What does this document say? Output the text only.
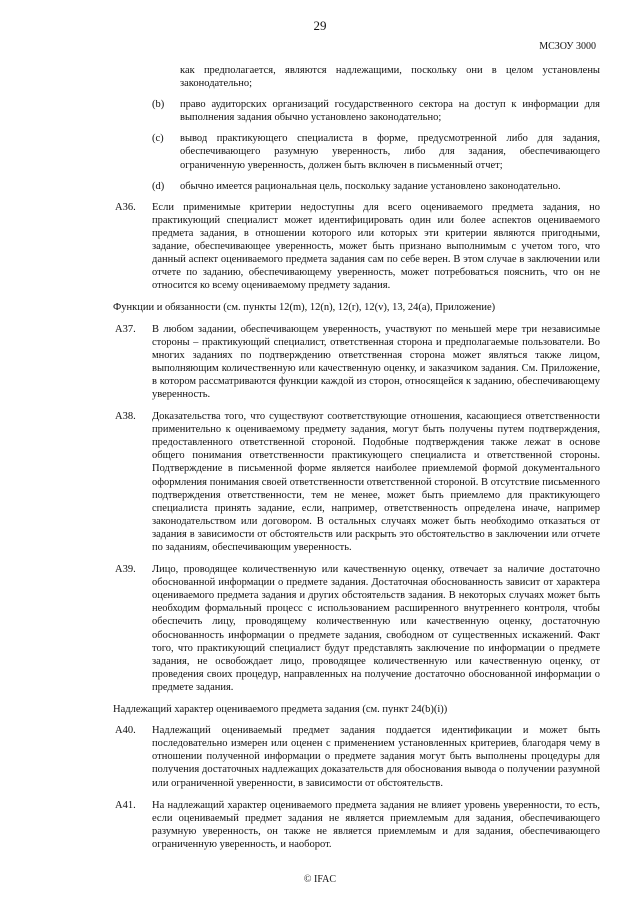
29
МСЗОУ 3000

как предполагается, являются надлежащими, поскольку они в целом установлены законодательно;

(b)	право аудиторских организаций государственного сектора на доступ к информации для выполнения задания обычно установлено законодательно;

(c)	вывод практикующего специалиста в форме, предусмотренной либо для задания, обеспечивающего разумную уверенность, либо для задания, обеспечивающего ограниченную уверенность, должен быть включен в письменный отчет;

(d)	обычно имеется рациональная цель, поскольку задание установлено законодательно.

A36.	Если применимые критерии недоступны для всего оцениваемого предмета задания, но практикующий специалист может идентифицировать один или более аспектов оцениваемого предмета задания, в отношении которого или которых эти критерии являются пригодными, задание, обеспечивающее уверенность, может быть признано выполнимым с учетом того, что данный аспект оцениваемого предмета задания сам по себе верен. В этом случае в заключении или отчете по заданию, обеспечивающему уверенность, может потребоваться пояснить, что он не относится ко всему оцениваемому предмету задания.

Функции и обязанности (см. пункты 12(m), 12(n), 12(r), 12(v), 13, 24(a), Приложение)

A37.	В любом задании, обеспечивающем уверенность, участвуют по меньшей мере три независимые стороны – практикующий специалист, ответственная сторона и предполагаемые пользователи. Во многих заданиях по подтверждению ответственная сторона может являться также лицом, выполняющим количественную или качественную оценку, и заказчиком задания. См. Приложение, в котором рассматриваются функции каждой из сторон, относящейся к заданию, обеспечивающему уверенность.

A38.	Доказательства того, что существуют соответствующие отношения, касающиеся ответственности применительно к оцениваемому предмету задания, могут быть получены путем подтверждения, предоставленного ответственной стороной. Подобные подтверждения также лежат в основе общего понимания ответственности практикующего специалиста и ответственной стороны. Подтверждение в письменной форме является наиболее приемлемой формой документального оформления понимания своей ответственности ответственной стороной. В отсутствие письменного подтверждения ответственности, тем не менее, может быть приемлемо для практикующего специалиста принять задание, если, например, ответственность определена иначе, например законодательством или договором. В остальных случаях может быть необходимо отказаться от задания в зависимости от обстоятельств или раскрыть это обстоятельство в заключении или отчете по заданиям, обеспечивающим уверенность.

A39.	Лицо, проводящее количественную или качественную оценку, отвечает за наличие достаточно обоснованной информации о предмете задания. Достаточная обоснованность зависит от характера оцениваемого предмета задания и других обстоятельств задания. В некоторых случаях может быть необходим формальный процесс с использованием расширенного внутреннего контроля, чтобы обеспечить лицу, проводящему количественную или качественную оценку, достаточную обоснованность информации о предмете задания, свободном от существенных искажений. Факт того, что практикующий специалист будут представлять заключение по информации о предмете задания, не освобождает лицо, проводящее количественную или качественную оценку, от проведения своих процедур, направленных на получение достаточно обоснованной информации о предмете задания.

Надлежащий характер оцениваемого предмета задания (см. пункт 24(b)(i))

A40.	Надлежащий оцениваемый предмет задания поддается идентификации и может быть последовательно измерен или оценен с применением установленных критериев, благодаря чему в отношении полученной информации о предмете задания могут быть выполнены процедуры для получения достаточных надлежащих доказательств для обоснования вывода о получении разумной или ограниченной уверенности, в зависимости от обстоятельств.

A41.	На надлежащий характер оцениваемого предмета задания не влияет уровень уверенности, то есть, если оцениваемый предмет задания не является приемлемым для задания, обеспечивающего разумную уверенность, он также не является приемлемым и для задания, обеспечивающего ограниченную уверенность, и наоборот.

© IFAC
